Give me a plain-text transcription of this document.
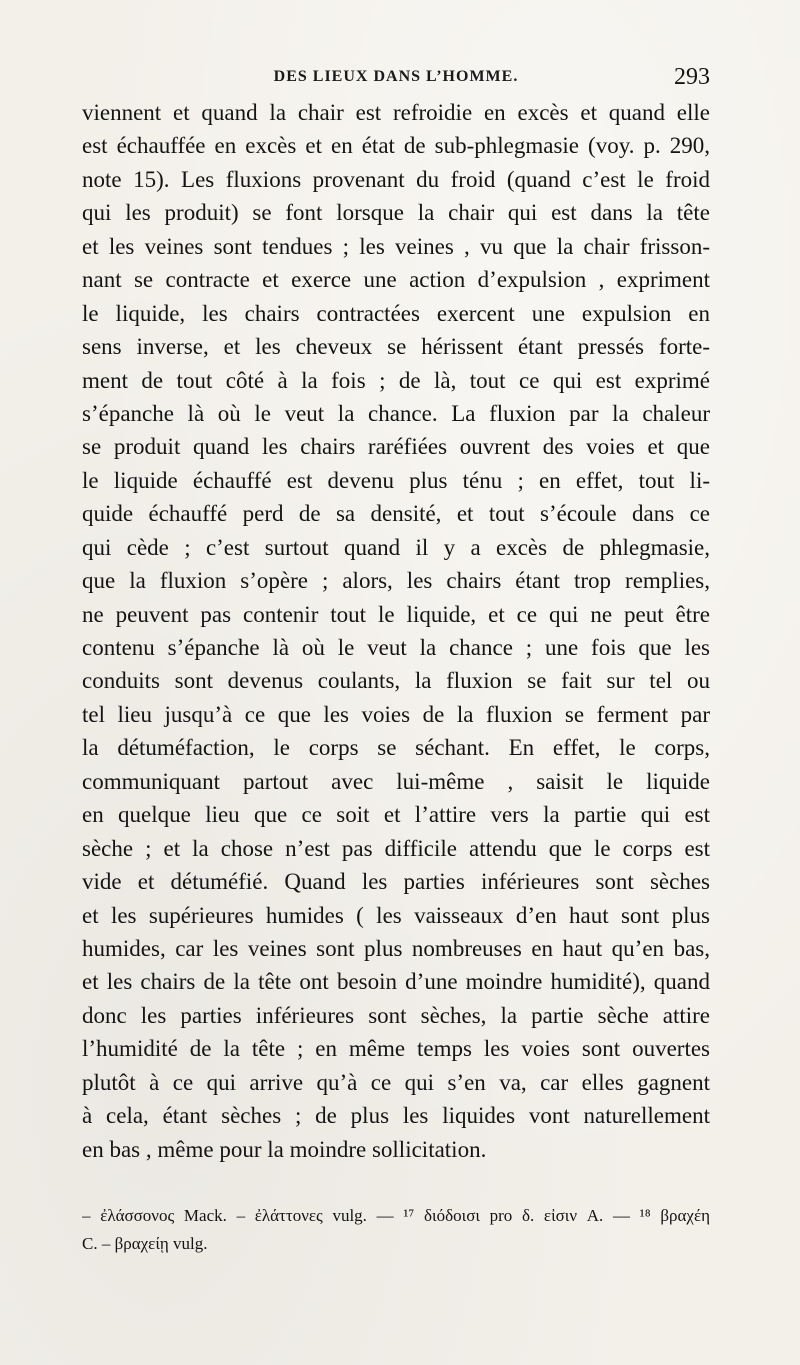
DES LIEUX DANS L’HOMME.	293
viennent et quand la chair est refroidie en excès et quand elle
est échauffée en excès et en état de sub-phlegmasie (voy. p. 290,
note 15). Les fluxions provenant du froid (quand c’est le froid
qui les produit) se font lorsque la chair qui est dans la tête
et les veines sont tendues ; les veines , vu que la chair frisson-
nant se contracte et exerce une action d’expulsion , expriment
le liquide, les chairs contractées exercent une expulsion en
sens inverse, et les cheveux se hérissent étant pressés forte-
ment de tout côté à la fois ; de là, tout ce qui est exprimé
s’épanche là où le veut la chance. La fluxion par la chaleur
se produit quand les chairs raréfiées ouvrent des voies et que
le liquide échauffé est devenu plus ténu ; en effet, tout li-
quide échauffé perd de sa densité, et tout s’écoule dans ce
qui cède ; c’est surtout quand il y a excès de phlegmasie,
que la fluxion s’opère ; alors, les chairs étant trop remplies,
ne peuvent pas contenir tout le liquide, et ce qui ne peut être
contenu s’épanche là où le veut la chance ; une fois que les
conduits sont devenus coulants, la fluxion se fait sur tel ou
tel lieu jusqu’à ce que les voies de la fluxion se ferment par
la détuméfaction, le corps se séchant. En effet, le corps,
communiquant partout avec lui-même , saisit le liquide
en quelque lieu que ce soit et l’attire vers la partie qui est
sèche ; et la chose n’est pas difficile attendu que le corps est
vide et détuméfié. Quand les parties inférieures sont sèches
et les supérieures humides ( les vaisseaux d’en haut sont plus
humides, car les veines sont plus nombreuses en haut qu’en bas,
et les chairs de la tête ont besoin d’une moindre humidité), quand
donc les parties inférieures sont sèches, la partie sèche attire
l’humidité de la tête ; en même temps les voies sont ouvertes
plutôt à ce qui arrive qu’à ce qui s’en va, car elles gagnent
à cela, étant sèches ; de plus les liquides vont naturellement
en bas , même pour la moindre sollicitation.
– ἐλάσσονος Mack. – ἐλάττονες vulg. — ¹⁷ διόδοισι pro δ. εἰσιν A. — ¹⁸ βραχέη
C. – βραχείῃ vulg.
